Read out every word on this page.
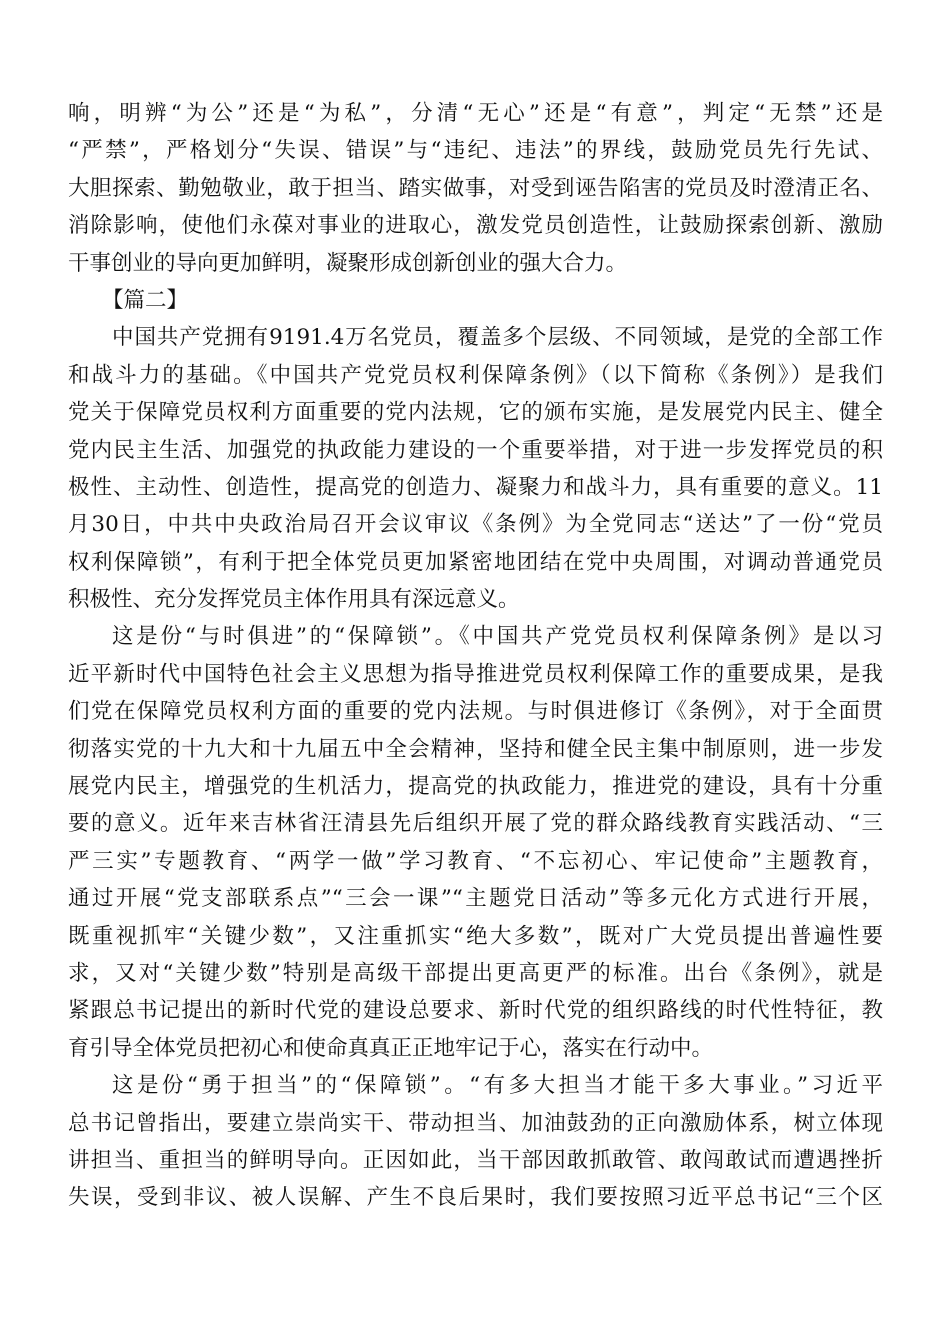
响，明辨“为公”还是“为私”，分清“无心”还是“有意”，判定“无禁”还是
“严禁”，严格划分“失误、错误”与“违纪、违法”的界线，鼓励党员先行先试、
大胆探索、勤勉敬业，敢于担当、踏实做事，对受到诬告陷害的党员及时澄清正名、
消除影响，使他们永葆对事业的进取心，激发党员创造性，让鼓励探索创新、激励
干事创业的导向更加鲜明，凝聚形成创新创业的强大合力。
【篇二】
中国共产党拥有9191.4万名党员，覆盖多个层级、不同领域，是党的全部工作
和战斗力的基础。《中国共产党党员权利保障条例》（以下简称《条例》）是我们
党关于保障党员权利方面重要的党内法规，它的颁布实施，是发展党内民主、健全
党内民主生活、加强党的执政能力建设的一个重要举措，对于进一步发挥党员的积
极性、主动性、创造性，提高党的创造力、凝聚力和战斗力，具有重要的意义。11
月30日，中共中央政治局召开会议审议《条例》为全党同志“送达”了一份“党员
权利保障锁”，有利于把全体党员更加紧密地团结在党中央周围，对调动普通党员
积极性、充分发挥党员主体作用具有深远意义。
这是份“与时俱进”的“保障锁”。《中国共产党党员权利保障条例》是以习
近平新时代中国特色社会主义思想为指导推进党员权利保障工作的重要成果，是我
们党在保障党员权利方面的重要的党内法规。与时俱进修订《条例》，对于全面贯
彻落实党的十九大和十九届五中全会精神，坚持和健全民主集中制原则，进一步发
展党内民主，增强党的生机活力，提高党的执政能力，推进党的建设，具有十分重
要的意义。近年来吉林省汪清县先后组织开展了党的群众路线教育实践活动、“三
严三实”专题教育、“两学一做”学习教育、“不忘初心、牢记使命”主题教育，
通过开展“党支部联系点”“三会一课”“主题党日活动”等多元化方式进行开展，
既重视抓牢“关键少数”，又注重抓实“绝大多数”，既对广大党员提出普遍性要
求，又对“关键少数”特别是高级干部提出更高更严的标准。出台《条例》，就是
紧跟总书记提出的新时代党的建设总要求、新时代党的组织路线的时代性特征，教
育引导全体党员把初心和使命真真正正地牢记于心，落实在行动中。
这是份“勇于担当”的“保障锁”。“有多大担当才能干多大事业。”习近平
总书记曾指出，要建立崇尚实干、带动担当、加油鼓劲的正向激励体系，树立体现
讲担当、重担当的鲜明导向。正因如此，当干部因敢抓敢管、敢闯敢试而遭遇挫折
失误，受到非议、被人误解、产生不良后果时，我们要按照习近平总书记“三个区
